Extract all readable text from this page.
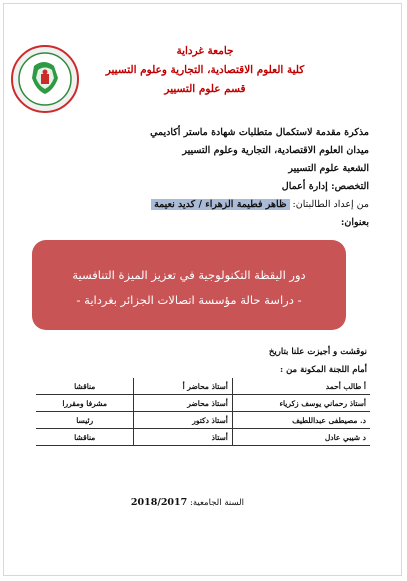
جامعة غرداية
كلية العلوم الاقتصادية، التجارية وعلوم التسيير
قسم علوم التسيير
مذكرة مقدمة لاستكمال متطلبات شهادة ماستر أكاديمي
ميدان العلوم الاقتصادية، التجارية وعلوم التسيير
الشعبة علوم التسيير
التخصص: إدارة أعمال
من إعداد الطالبتان: ظاهر فطيمة الزهراء / كديد نعيمة
بعنوان:
دور اليقظة التكنولوجية في تعزيز الميزة التنافسية
- دراسة حالة مؤسسة اتصالات الجزائر بغرداية -
نوقشت و أجيزت علنا بتاريخ
أمام اللجنة المكونة من :
أ طالب أحمد	أستاذ محاضر أ	مناقشا
أستاذ رحماني يوسف زكرياء	أستاذ محاضر	مشرفا ومقررا
د. مصيطفى عبداللطيف	أستاذ دكتور	رئيسا
د شيبي عادل	أستاذ	مناقشا
السنة الجامعية: 2018/2017
